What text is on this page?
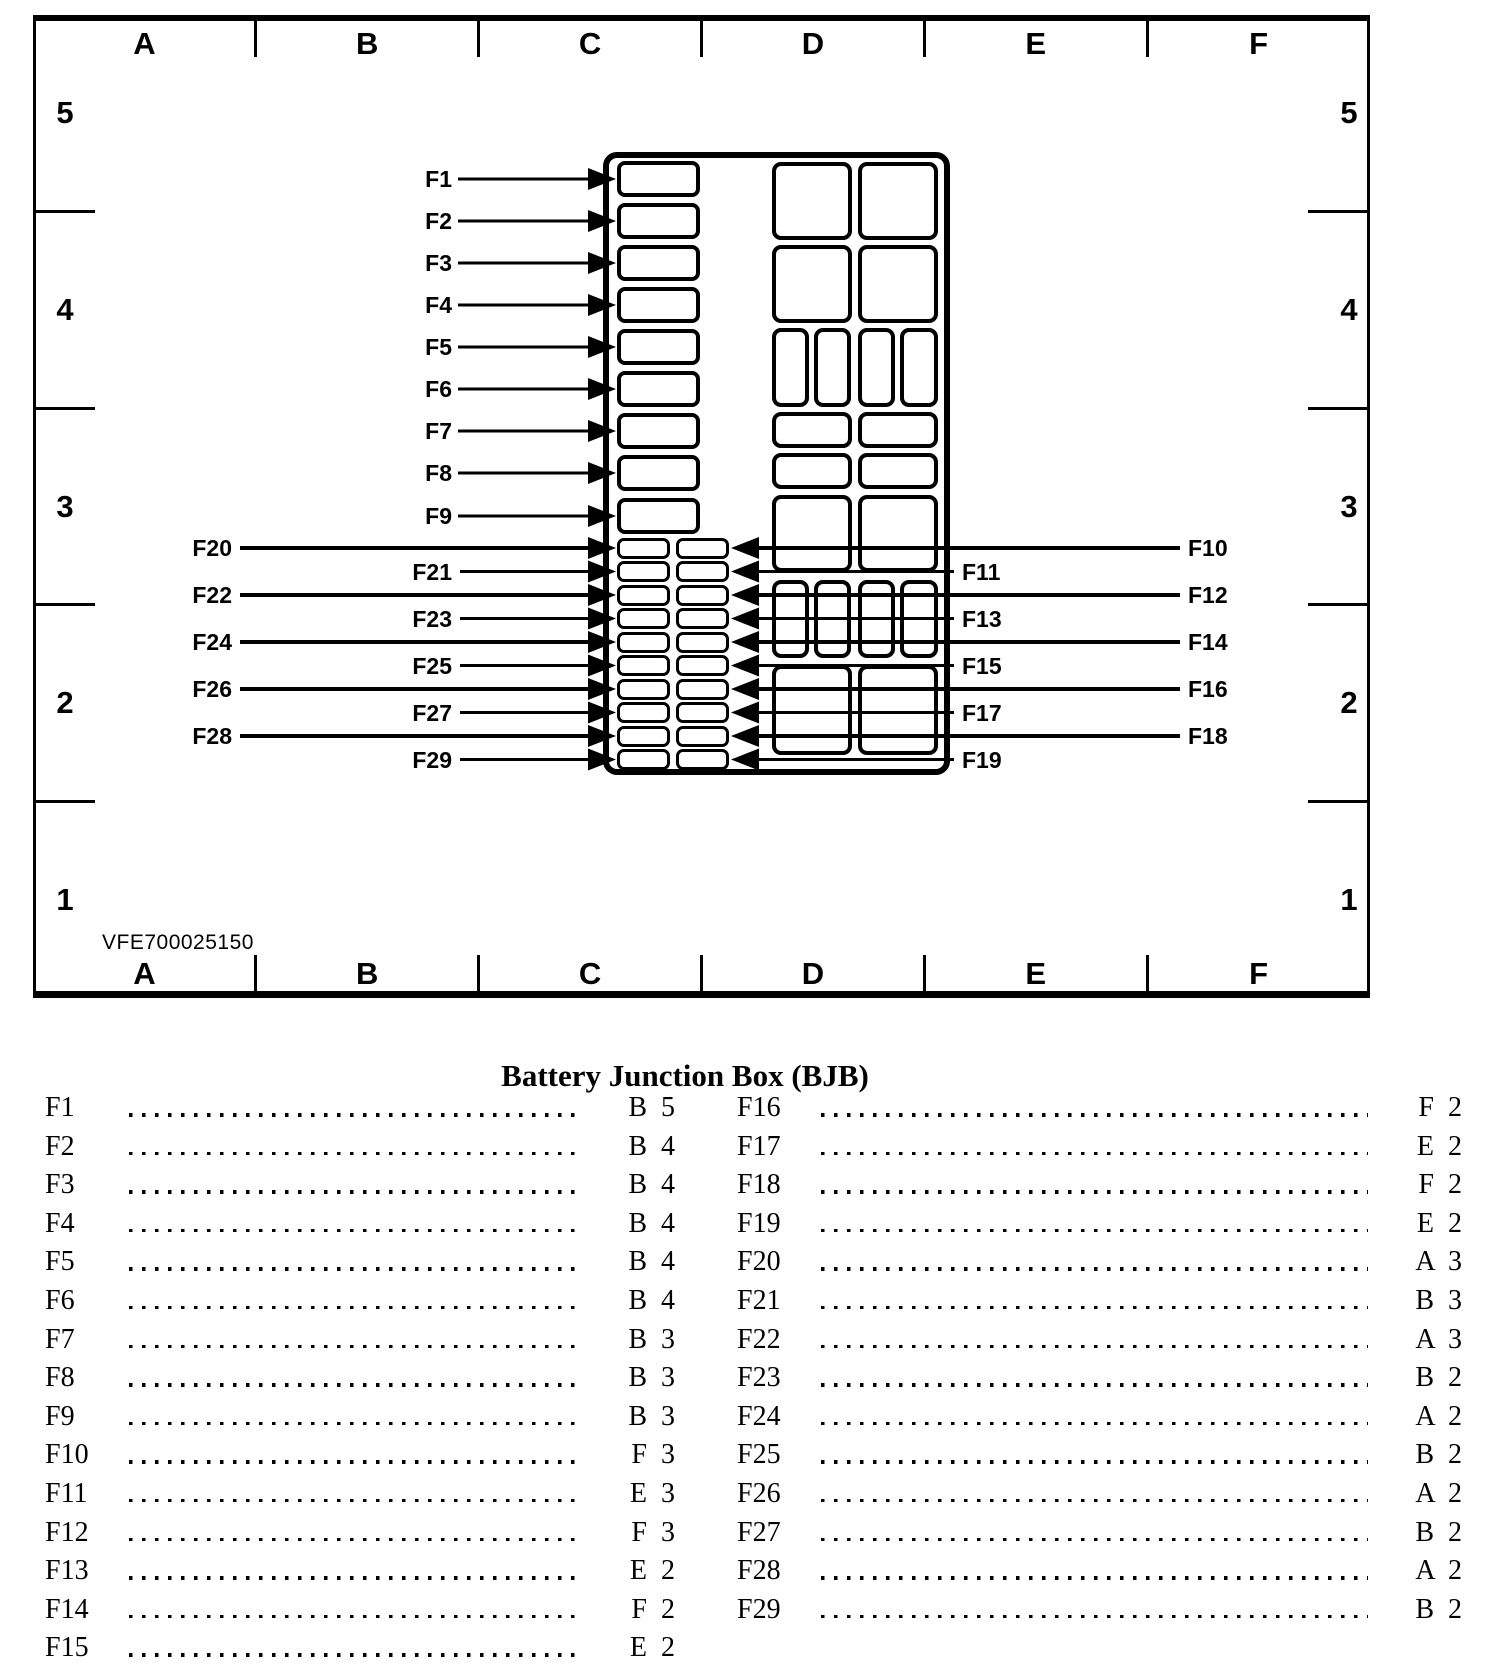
A
A
B
B
C
C
D
D
E
E
F
F
5	5
4	4
3	3
2	2
1	1
F1
F2
F3
F4
F5
F6
F7
F8
F9
F20
F22
F24
F26
F28
F21
F23
F25
F27
F29
F10
F12
F14
F16
F18
F11
F13
F15
F17
F19
VFE700025150
Battery Junction Box (BJB)
F1	B 5
F2	B 4
F3	B 4
F4	B 4
F5	B 4
F6	B 4
F7	B 3
F8	B 3
F9	B 3
F10	F 3
F11	E 3
F12	F 3
F13	E 2
F14	F 2
F15	E 2
F16	F 2
F17	E 2
F18	F 2
F19	E 2
F20	A 3
F21	B 3
F22	A 3
F23	B 2
F24	A 2
F25	B 2
F26	A 2
F27	B 2
F28	A 2
F29	B 2
